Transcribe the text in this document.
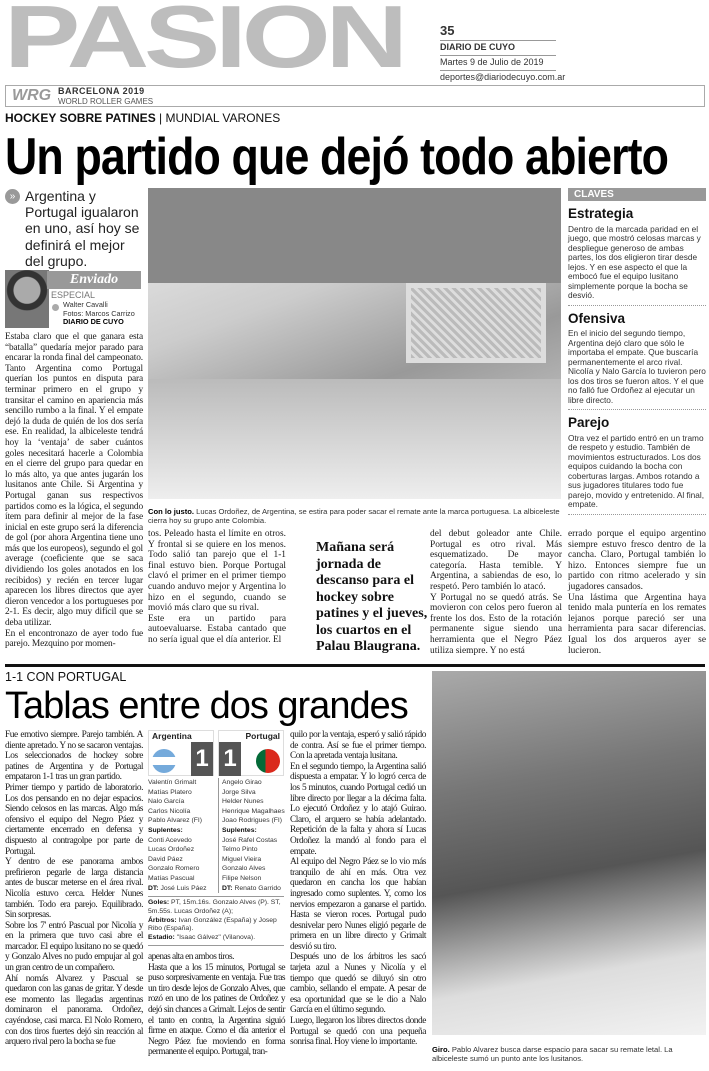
PASION	35
DIARIO DE CUYO
Martes 9 de Julio de 2019
deportes@diariodecuyo.com.ar
WRG BARCELONA 2019
WORLD ROLLER GAMES
HOCKEY SOBRE PATINES | MUNDIAL VARONES
Un partido que dejó todo abierto
» Argentina y Portugal igualaron en uno, así hoy se definirá el mejor del grupo.

Enviado
ESPECIAL
Walter Cavalli
Fotos: Marcos Carrizo
DIARIO DE CUYO

Estaba claro que el que ganara esta “batalla” quedaría mejor parado para encarar la ronda final del campeonato. Tanto Argentina como Portugal querían los puntos en disputa para terminar primero en el grupo y transitar el camino en apariencia más sencillo rumbo a la final. Y el empate dejó la duda de quién de los dos sería ese. En realidad, la albiceleste tendrá hoy la ‘ventaja’ de saber cuántos goles necesitará hacerle a Colombia en el cierre del grupo para quedar en lo más alto, ya que antes jugarán los lusitanos ante Chile. Si Argentina y Portugal ganan sus respectivos partidos como es la lógica, el segundo ítem para definir al mejor de la fase inicial en este grupo será la diferencia de gol (por ahora Argentina tiene uno más que los europeos), segundo el gol average (coeficiente que se saca dividiendo los goles anotados en los recibidos) y recién en tercer lugar aparecen los libres directos que ayer dieron vencedor a los portugueses por 2-1. Es decir, algo muy difícil que se deba utilizar.

En el encontronazo de ayer todo fue parejo. Mezquino por momen-

Con lo justo. Lucas Ordoñez, de Argentina, se estira para poder sacar el remate ante la marca portuguesa. La albiceleste cierra hoy su grupo ante Colombia.

tos. Peleado hasta el límite en otros. Y frontal si se quiere en los menos. Todo salió tan parejo que el 1-1 final estuvo bien. Porque Portugal clavó el primer en el primer tiempo cuando anduvo mejor y Argentina lo hizo en el segundo, cuando se movió más claro que su rival.

Este era un partido para autoevaluarse. Estaba cantado que no sería igual que el día anterior. El

Mañana será jornada de descanso para el hockey sobre patines y el jueves, los cuartos en el Palau Blaugrana.

del debut goleador ante Chile. Portugal es otro rival. Más esquematizado. De mayor categoría. Hasta temible. Y Argentina, a sabiendas de eso, lo respetó. Pero también lo atacó.

Y Portugal no se quedó atrás. Se movieron con celos pero fueron al frente los dos. Esto de la rotación permanente sigue siendo una herramienta que el Negro Páez utiliza siempre. Y no está

errado porque el equipo argentino siempre estuvo fresco dentro de la cancha. Claro, Portugal también lo hizo. Entonces siempre fue un partido con ritmo acelerado y sin jugadores cansados.

Una lástima que Argentina haya tenido mala puntería en los remates lejanos porque pareció ser una herramienta para sacar diferencias. Igual los dos arqueros ayer se lucieron.

CLAVES
Estrategia

Dentro de la marcada paridad en el juego, que mostró celosas marcas y despliegue generoso de ambas partes, los dos eligieron tirar desde lejos. Y en ese aspecto el que la embocó fue el equipo lusitano simplemente porque la bocha se desvió.

Ofensiva

En el inicio del segundo tiempo, Argentina dejó claro que sólo le importaba el empate. Que buscaría permanentemente el arco rival. Nicolía y Nalo García lo tuvieron pero los dos tiros se fueron altos. Y el que no falló fue Ordoñez al ejecutar un libre directo.

Parejo

Otra vez el partido entró en un tramo de respeto y estudio. También de movimientos estructurados. Los dos equipos cuidando la bocha con coberturas largas. Ambos rotando a sus jugadores titulares todo fue parejo, movido y entretenido. Al final, empate.

1-1 CON PORTUGAL
Tablas entre dos grandes

Fue emotivo siempre. Parejo también. A diente apretado. Y no se sacaron ventajas. Los seleccionados de hockey sobre patines de Argentina y de Portugal empataron 1-1 tras un gran partido.

Primer tiempo y partido de laboratorio. Los dos pensando en no dejar espacios. Siendo celosos en las marcas. Algo más ofensivo el equipo del Negro Páez y ciertamente encerrado en defensa y dispuesto al contragolpe por parte de Portugal.

Y dentro de ese panorama ambos prefirieron pegarle de larga distancia antes de buscar meterse en el área rival. Nicolía estuvo cerca. Helder Nunes también. Todo era parejo. Equilibrado. Sin sorpresas.

Sobre los 7' entró Pascual por Nicolía y en la primera que tuvo casi abre el marcador. El equipo lusitano no se quedó y Gonzalo Alves no pudo empujar al gol un gran centro de un compañero.

Ahí nomás Alvarez y Pascual se quedaron con las ganas de gritar. Y desde ese momento las llegadas argentinas dominaron el panorama. Ordoñez, cayéndose, casi marca. El Nolo Romero, con dos tiros fuertes dejó sin reacción al arquero rival pero la bocha se fue

Argentina
1
Portugal
1
Valentín Grimalt
Matías Platero
Nalo García
Carlos Nicolía
Pablo Alvarez (FI)
Suplentes:
Conti Acevedo
Lucas Ordoñez
David Páez
Gonzalo Romero
Matías Pascual
DT: José Luis Páez
Angelo Girao
Jorge Silva
Helder Nunes
Henrique Magalhaes
Joao Rodrigues (FI)
Suplentes:
José Rafel Costas
Telmo Pinto
Miguel Vieira
Gonzalo Alves
Filipe Nelson
DT: Renato Garrido
Goles: PT, 15m.16s. Gonzalo Alves (P). ST, 5m.55s. Lucas Ordoñez (A);
Árbitros: Ivan González (España) y Josep Ribo (España).
Estadio: "Isaac Gálvez" (Vilanova).

apenas alta en ambos tiros.

Hasta que a los 15 minutos, Portugal se puso sorpresivamente en ventaja. Fue tras un tiro desde lejos de Gonzalo Alves, que rozó en uno de los patines de Ordoñez y dejó sin chances a Grimalt. Lejos de sentir el tanto en contra, la Argentina siguió firme en ataque. Como el día anterior el Negro Páez fue moviendo en forma permanente el equipo. Portugal, tran-

quilo por la ventaja, esperó y salió rápido de contra. Así se fue el primer tiempo. Con la apretada ventaja lusitana.

En el segundo tiempo, la Argentina salió dispuesta a empatar. Y lo logró cerca de los 5 minutos, cuando Portugal cedió un libre directo por llegar a la décima falta. Lo ejecutó Ordoñez y lo atajó Guirao. Claro, el arquero se había adelantado. Repetición de la falta y ahora sí Lucas Ordoñez la mandó al fondo para el empate.

Al equipo del Negro Páez se lo vio más tranquilo de ahí en más. Otra vez quedaron en cancha los que habían ingresado como suplentes. Y, como los nervios empezaron a ganarse el partido. Hasta se vieron roces. Portugal pudo desnivelar pero Nunes eligió pegarle de primera en un libre directo y Grimalt desvió su tiro.

Después uno de los árbitros les sacó tarjeta azul a Nunes y Nicolía y el tiempo que quedó se diluyó sin otro cambio, sellando el empate. A pesar de esa oportunidad que se le dio a Nalo García en el último segundo.

Luego, llegaron los libres directos donde Portugal se quedó con una pequeña sonrisa final. Hoy viene lo importante.

Giro. Pablo Alvarez busca darse espacio para sacar su remate letal. La albiceleste sumó un punto ante los lusitanos.
